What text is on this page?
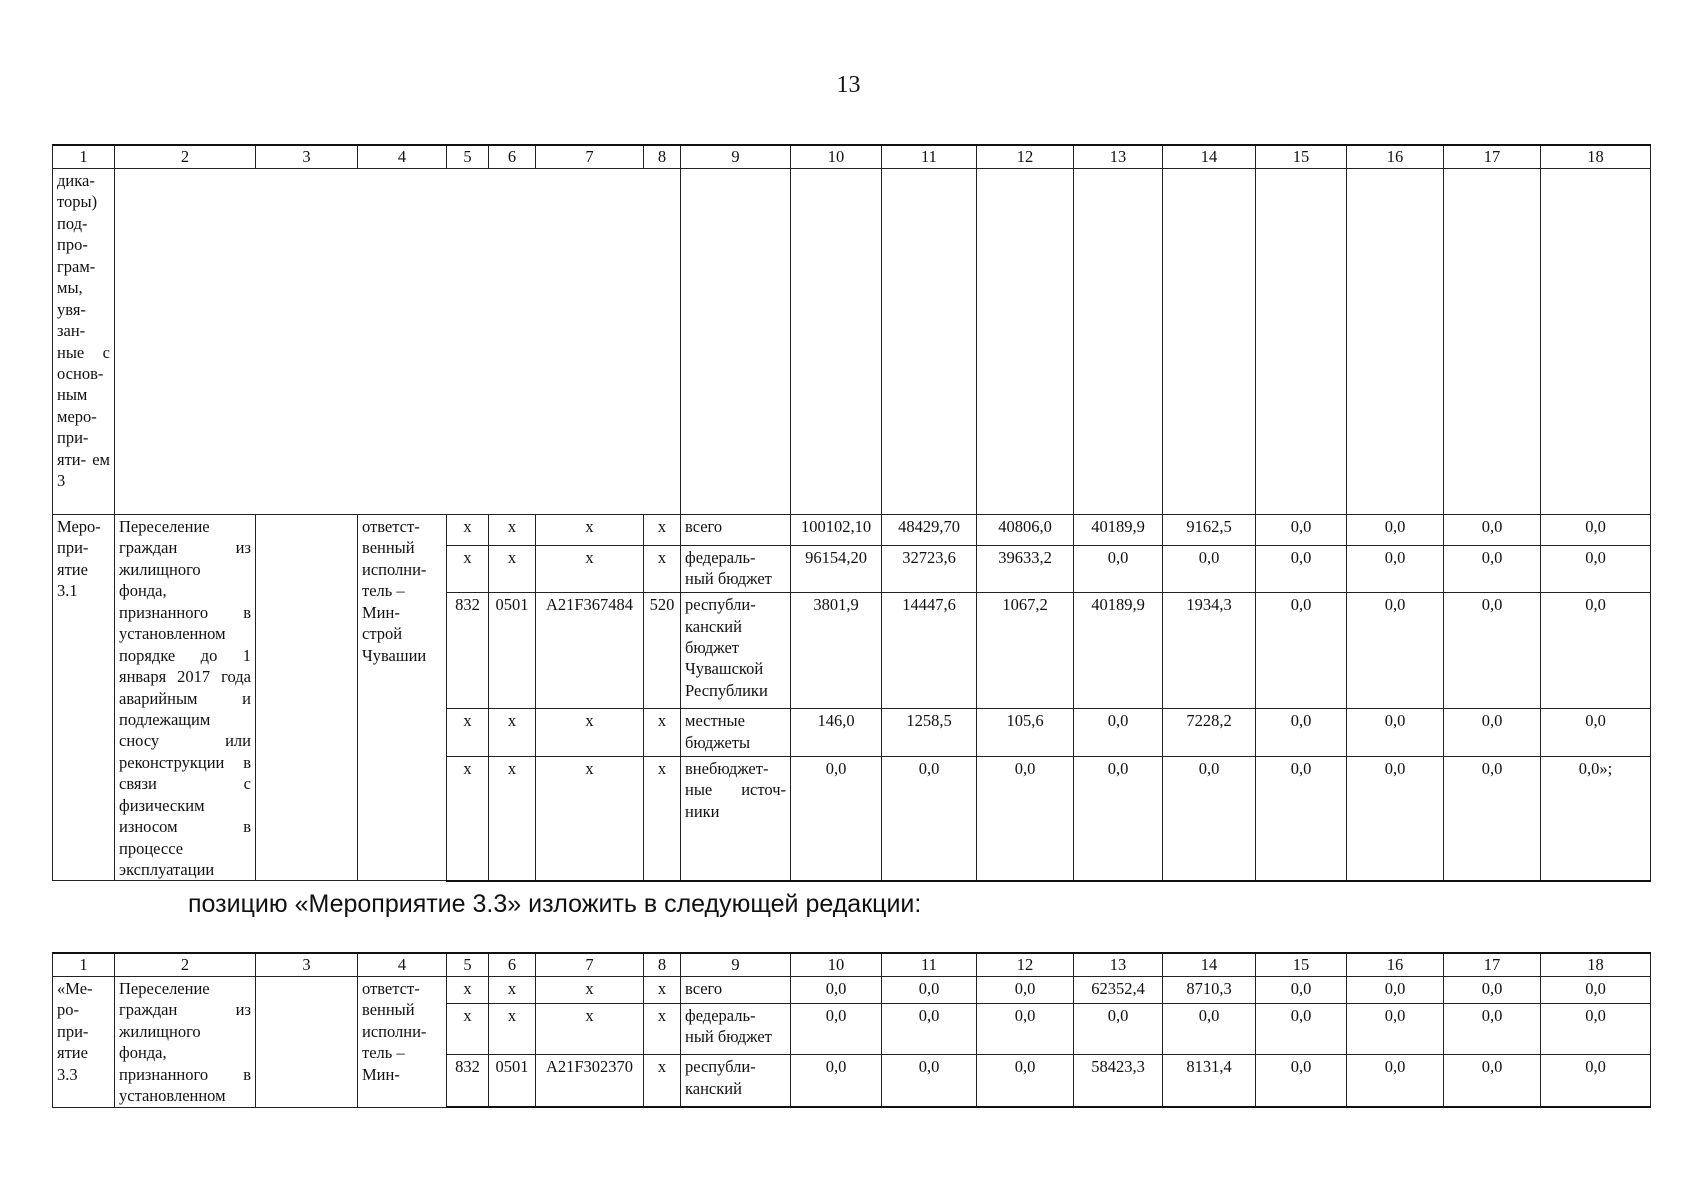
13
1	2	3	4	5	6	7	8	9	10	11	12	13	14	15	16	17	18
дика- торы) под- про- грам- мы, увя- зан- ные с основ- ным меро- при- яти- ем 3																	
Меро- при- ятие 3.1	Переселение граждан из жилищного фонда, признанного в установленном порядке до 1 января 2017 года аварийным и подлежащим сносу или реконструкции в связи с физическим износом в процессе эксплуатации		ответст- венный исполни- тель – Мин- строй Чувашии	x	x	x	x	всего	100102,10	48429,70	40806,0	40189,9	9162,5	0,0	0,0	0,0	0,0
				x	x	x	x	федераль- ный бюджет	96154,20	32723,6	39633,2	0,0	0,0	0,0	0,0	0,0	0,0
				832	0501	A21F367484	520	республи- канский бюджет Чувашской Республики	3801,9	14447,6	1067,2	40189,9	1934,3	0,0	0,0	0,0	0,0
				x	x	x	x	местные бюджеты	146,0	1258,5	105,6	0,0	7228,2	0,0	0,0	0,0	0,0
				x	x	x	x	внебюджет- ные источ- ники	0,0	0,0	0,0	0,0	0,0	0,0	0,0	0,0	0,0»;
позицию «Мероприятие 3.3» изложить в следующей редакции:
1	2	3	4	5	6	7	8	9	10	11	12	13	14	15	16	17	18
«Ме- ро- при- ятие 3.3	Переселение граждан из жилищного фонда, признанного в установленном		ответст- венный исполни- тель – Мин-	x	x	x	x	всего	0,0	0,0	0,0	62352,4	8710,3	0,0	0,0	0,0	0,0
				x	x	x	x	федераль- ный бюджет	0,0	0,0	0,0	0,0	0,0	0,0	0,0	0,0	0,0
				832	0501	A21F302370	x	республи- канский	0,0	0,0	0,0	58423,3	8131,4	0,0	0,0	0,0	0,0
